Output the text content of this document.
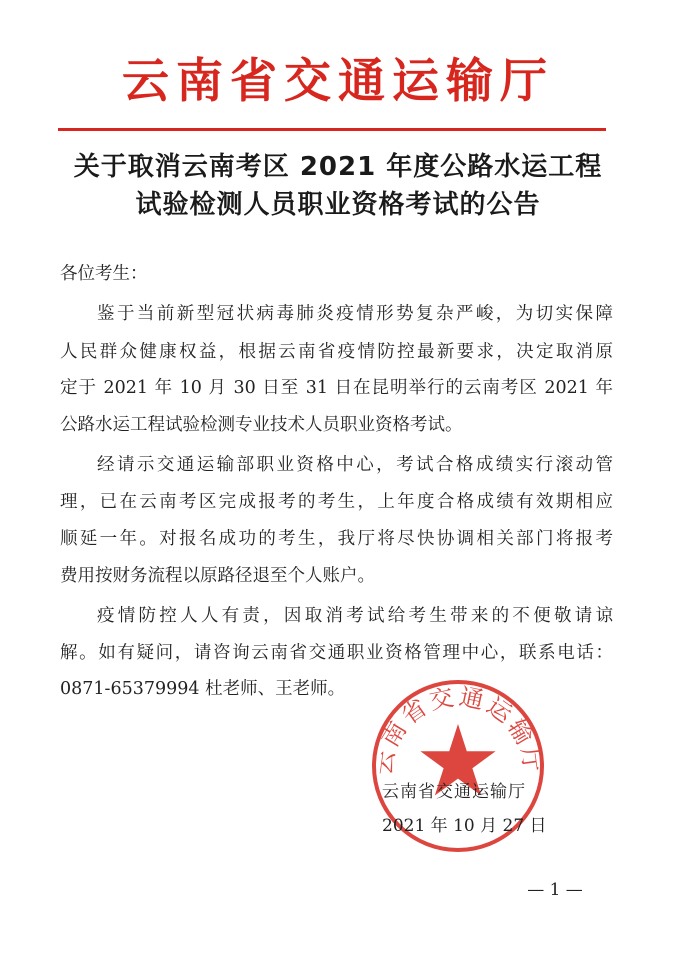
云南省交通运输厅
关于取消云南考区 2021 年度公路水运工程
试验检测人员职业资格考试的公告
各位考生：
鉴于当前新型冠状病毒肺炎疫情形势复杂严峻，为切实保障
人民群众健康权益，根据云南省疫情防控最新要求，决定取消原
定于 2021 年 10 月 30 日至 31 日在昆明举行的云南考区 2021 年
公路水运工程试验检测专业技术人员职业资格考试。
经请示交通运输部职业资格中心，考试合格成绩实行滚动管
理，已在云南考区完成报考的考生，上年度合格成绩有效期相应
顺延一年。对报名成功的考生，我厅将尽快协调相关部门将报考
费用按财务流程以原路径退至个人账户。
疫情防控人人有责，因取消考试给考生带来的不便敬请谅
解。如有疑问，请咨询云南省交通职业资格管理中心，联系电话：
0871-65379994 杜老师、王老师。
云南省交通运输厅
云南省交通运输厅
2021 年 10 月 27 日
— 1 —
